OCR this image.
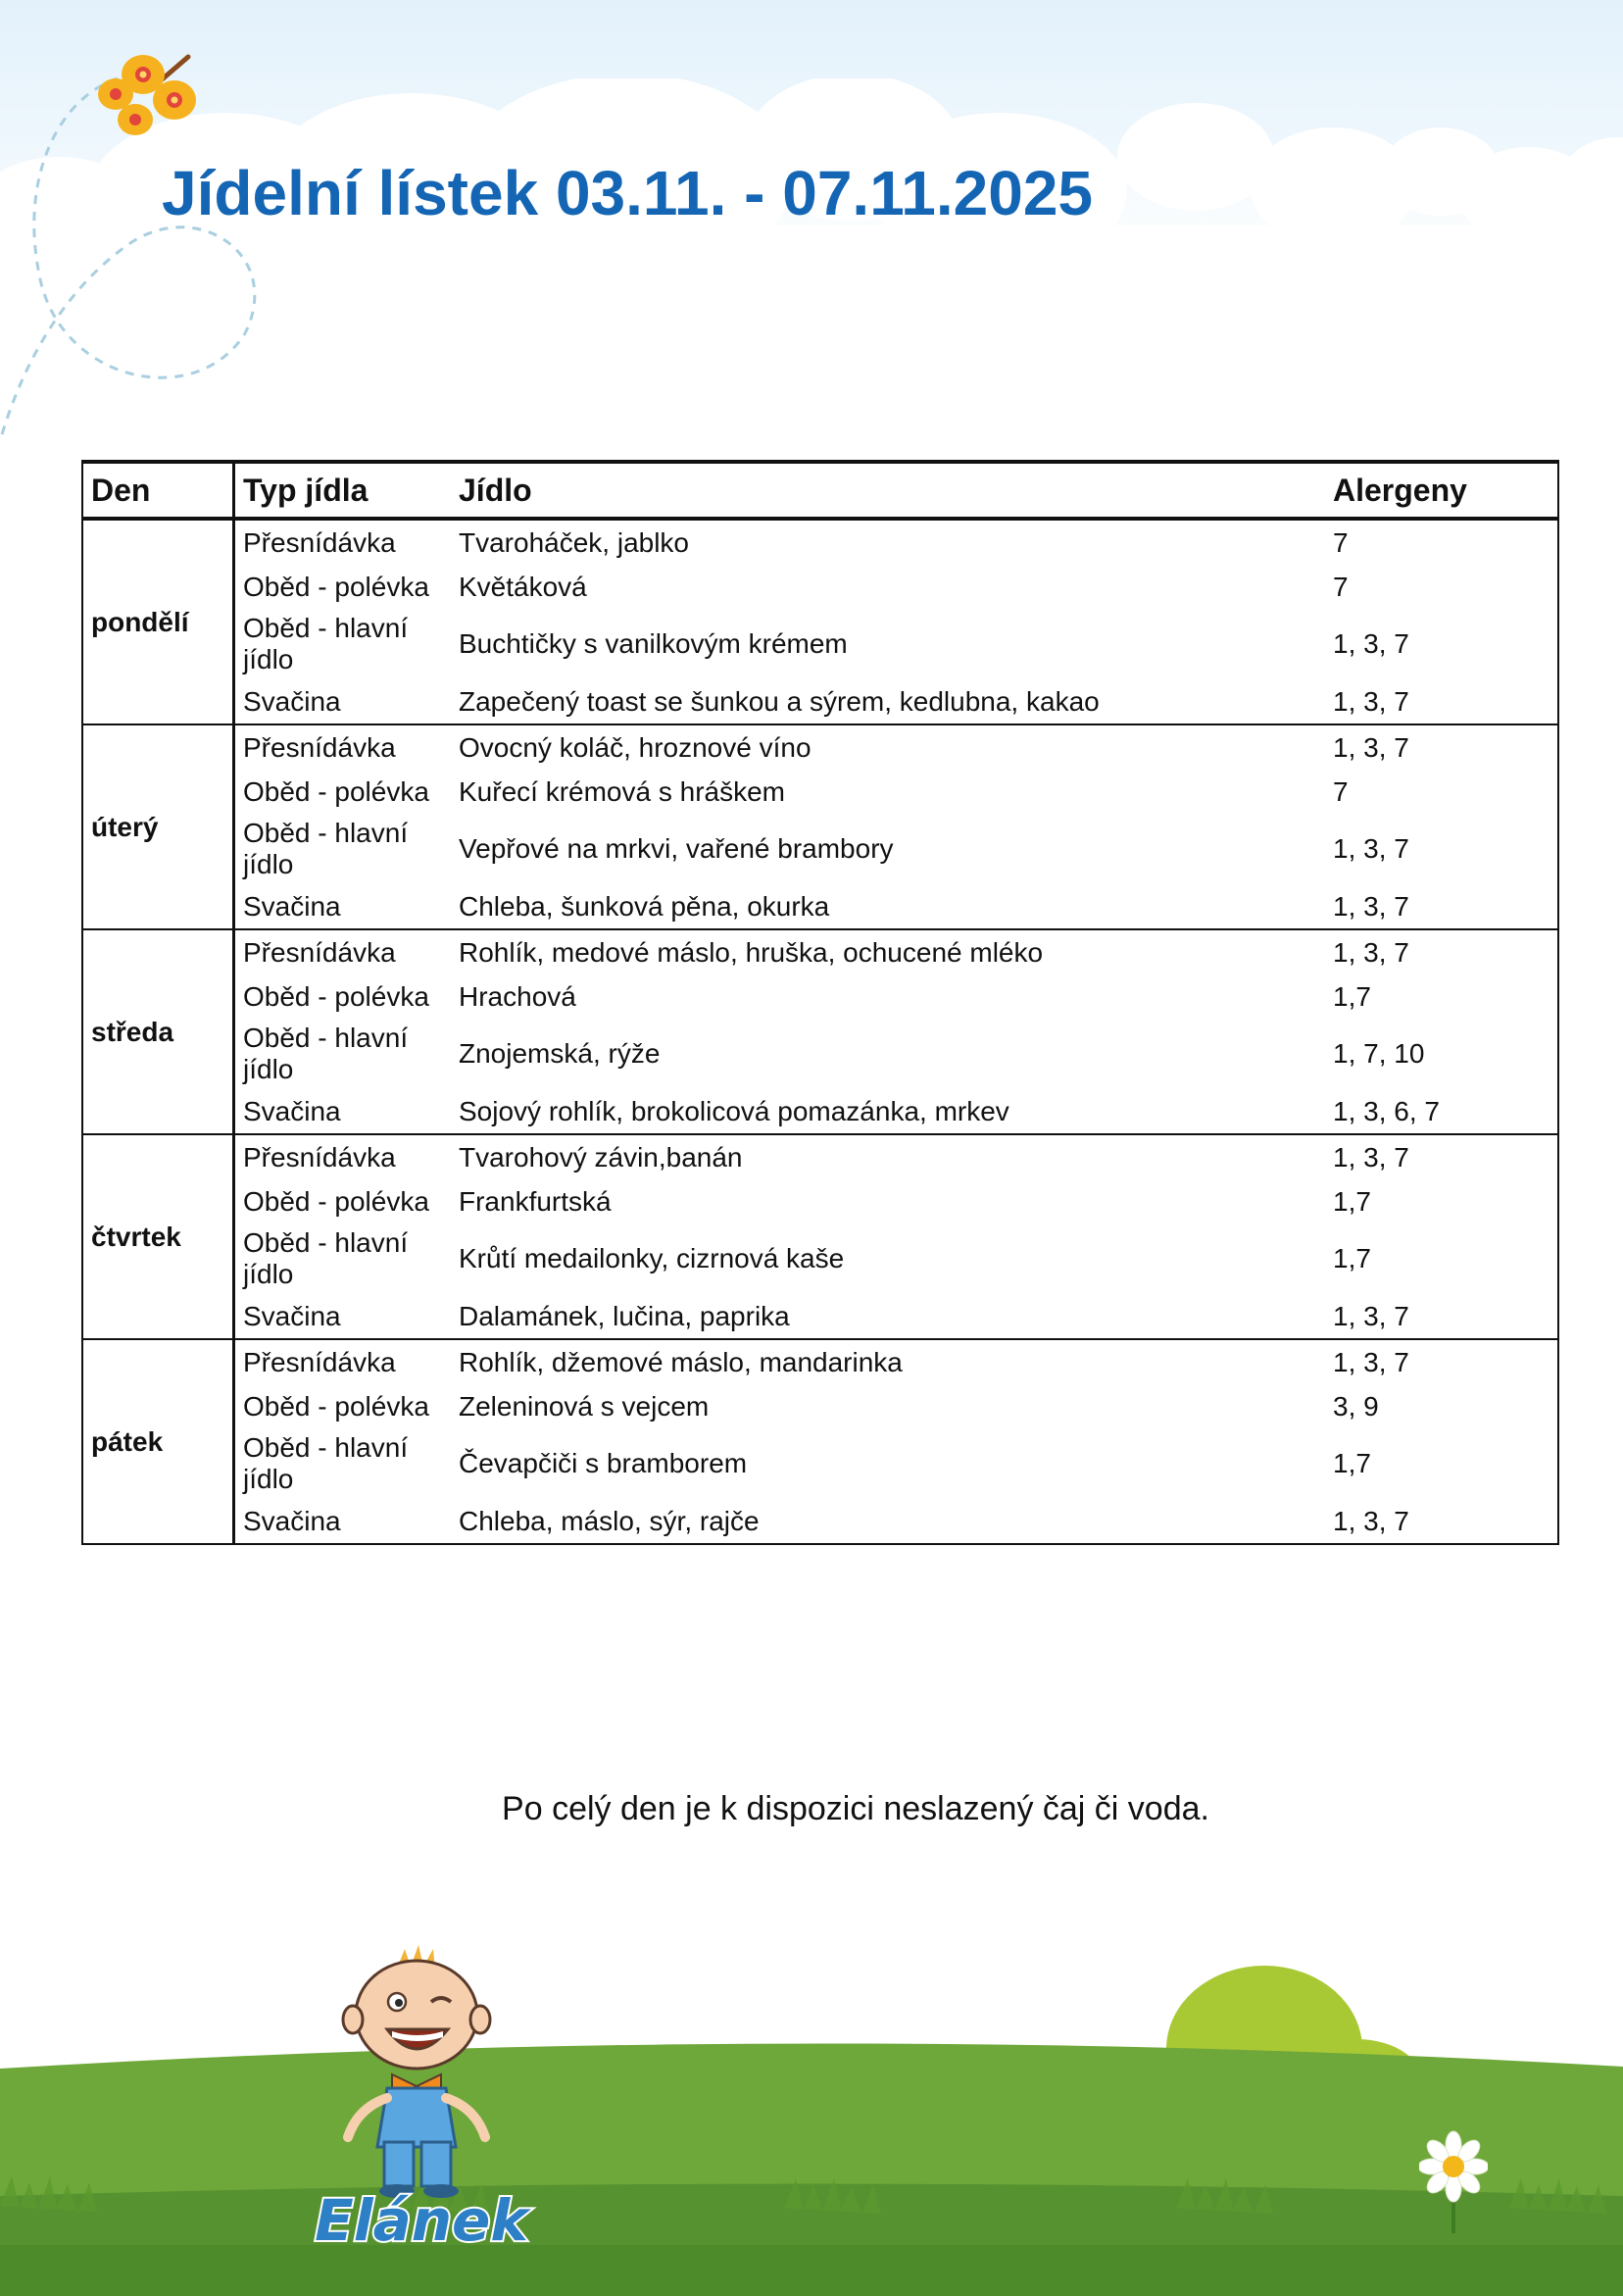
Jídelní lístek 03.11. - 07.11.2025
Den	Typ jídla	Jídlo	Alergeny
pondělí	Přesnídávka	Tvaroháček, jablko	7
	Oběd - polévka	Květáková	7
	Oběd - hlavní jídlo	Buchtičky s vanilkovým krémem	1, 3, 7
	Svačina	Zapečený toast se šunkou a sýrem, kedlubna, kakao	1, 3, 7
úterý	Přesnídávka	Ovocný koláč, hroznové víno	1, 3, 7
	Oběd - polévka	Kuřecí krémová s hráškem	7
	Oběd - hlavní jídlo	Vepřové na mrkvi, vařené brambory	1, 3, 7
	Svačina	Chleba, šunková pěna, okurka	1, 3, 7
středa	Přesnídávka	Rohlík, medové máslo, hruška, ochucené mléko	1, 3, 7
	Oběd - polévka	Hrachová	1,7
	Oběd - hlavní jídlo	Znojemská, rýže	1, 7, 10
	Svačina	Sojový rohlík, brokolicová pomazánka, mrkev	1, 3, 6, 7
čtvrtek	Přesnídávka	Tvarohový závin,banán	1, 3, 7
	Oběd - polévka	Frankfurtská	1,7
	Oběd - hlavní jídlo	Krůtí medailonky, cizrnová kaše	1,7
	Svačina	Dalamánek, lučina, paprika	1, 3, 7
pátek	Přesnídávka	Rohlík, džemové máslo, mandarinka	1, 3, 7
	Oběd - polévka	Zeleninová s vejcem	3, 9
	Oběd - hlavní jídlo	Čevapčiči s bramborem	1,7
	Svačina	Chleba, máslo, sýr, rajče	1, 3, 7

Po celý den je k dispozici neslazený čaj či voda.

Elánek
